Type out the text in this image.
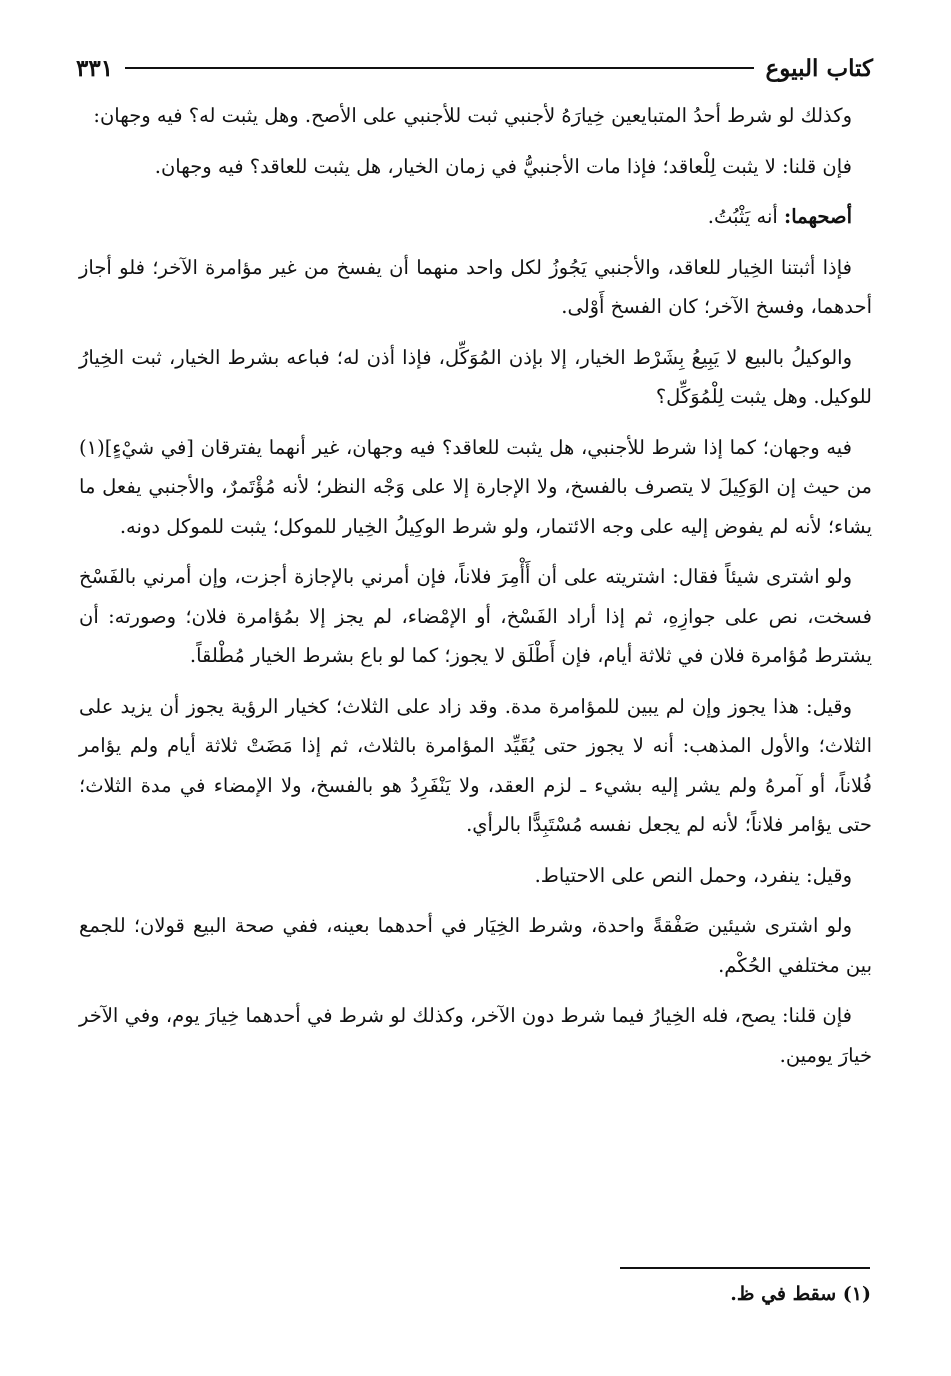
كتاب البيوع
٣٣١

وكذلك لو شرط أحدُ المتبايعين خِيارَهُ لأجنبي ثبت للأجنبي على الأصح. وهل يثبت له؟ فيه وجهان:

فإن قلنا: لا يثبت لِلْعاقد؛ فإذا مات الأجنبيُّ في زمان الخيار، هل يثبت للعاقد؟ فيه وجهان.

أصحهما: أنه يَثْبُتُ.

فإذا أثبتنا الخِيار للعاقد، والأجنبي يَجُوزُ لكل واحد منهما أن يفسخ من غير مؤامرة الآخر؛ فلو أجاز أحدهما، وفسخ الآخر؛ كان الفسخ أَوْلى.

والوكيلُ بالبيع لا يَبِيعُ بِشَرْط الخيار، إلا بإذن المُوَكِّل، فإذا أذن له؛ فباعه بشرط الخيار، ثبت الخِيارُ للوكيل. وهل يثبت لِلْمُوَكِّل؟

فيه وجهان؛ كما إذا شرط للأجنبي، هل يثبت للعاقد؟ فيه وجهان، غير أنهما يفترقان [في شيْءٍ](١) من حيث إن الوَكِيلَ لا يتصرف بالفسخ، ولا الإجارة إلا على وَجْه النظر؛ لأنه مُؤْتَمرٌ، والأجنبي يفعل ما يشاء؛ لأنه لم يفوض إليه على وجه الائتمار، ولو شرط الوكِيلُ الخِيار للموكل؛ يثبت للموكل دونه.

ولو اشترى شيئاً فقال: اشتريته على أن أَأْمِرَ فلاناً، فإن أمرني بالإجازة أجزت، وإن أمرني بالفَسْخ فسخت، نص على جوازِهِ، ثم إذا أراد الفَسْخ، أو الإمْضاء، لم يجز إلا بمُؤامرة فلان؛ وصورته: أن يشترط مُؤامرة فلان في ثلاثة أيام، فإن أَطْلَق لا يجوز؛ كما لو باع بشرط الخيار مُطْلقاً.

وقيل: هذا يجوز وإن لم يبين للمؤامرة مدة. وقد زاد على الثلاث؛ كخيار الرؤية يجوز أن يزيد على الثلاث؛ والأول المذهب: أنه لا يجوز حتى يُقَيِّد المؤامرة بالثلاث، ثم إذا مَضَتْ ثلاثة أيام ولم يؤامر فُلاناً، أو آمرهُ ولم يشر إليه بشيء ـ لزم العقد، ولا يَنْفَرِدُ هو بالفسخ، ولا الإمضاء في مدة الثلاث؛ حتى يؤامر فلاناً؛ لأنه لم يجعل نفسه مُسْتَبِدًّا بالرأي.

وقيل: ينفرد، وحمل النص على الاحتياط.

ولو اشترى شيئين صَفْقةً واحدة، وشرط الخِيَار في أحدهما بعينه، ففي صحة البيع قولان؛ للجمع بين مختلفي الحُكْم.

فإن قلنا: يصح، فله الخِيارُ فيما شرط دون الآخر، وكذلك لو شرط في أحدهما خِيارَ يوم، وفي الآخر خيارَ يومين.

(١) سقط في ظ.
